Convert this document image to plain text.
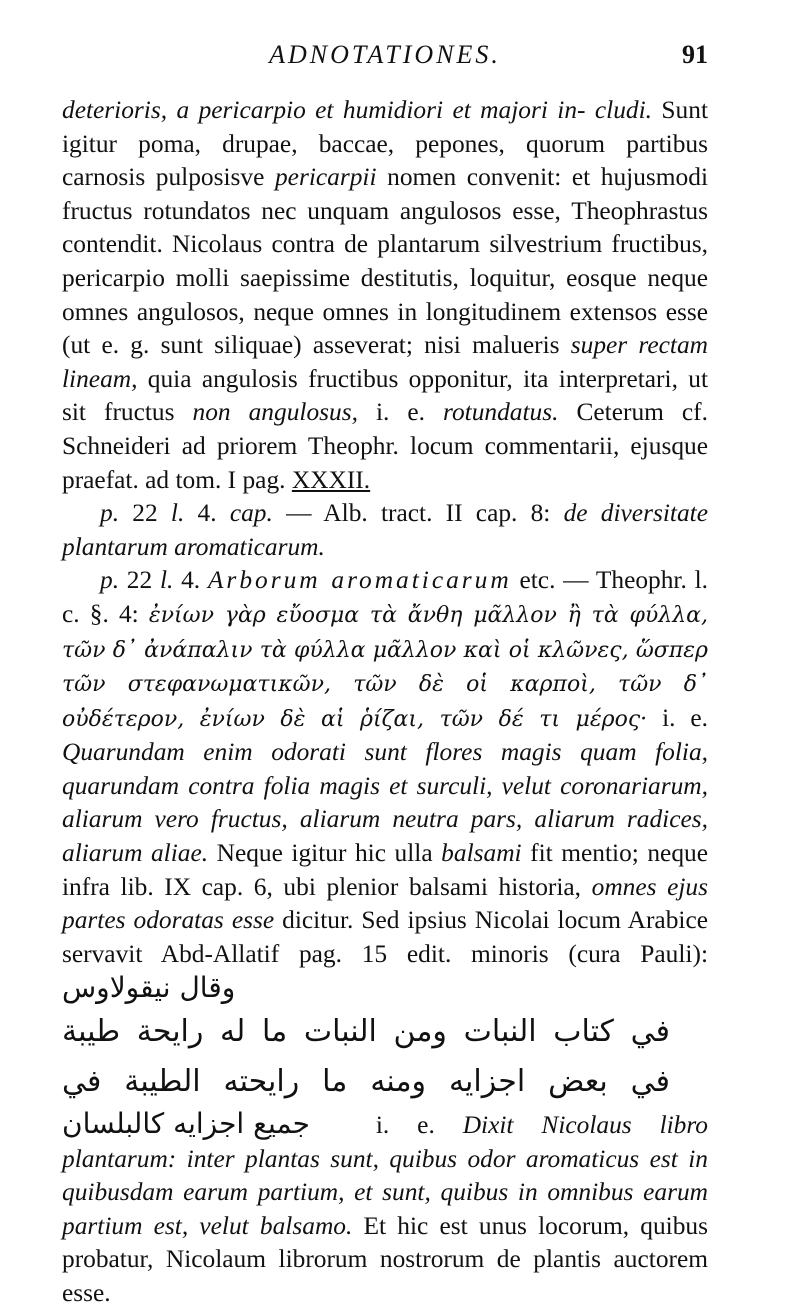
ADNOTATIONES.	91

deterioris, a pericarpio et humidiori et majori in- cludi. Sunt igitur poma, drupae, baccae, pepones, quorum partibus carnosis pulposisve pericarpii nomen convenit: et hujusmodi fructus rotundatos nec unquam angulosos esse, Theophrastus contendit. Nicolaus contra de plantarum silvestrium fructibus, pericarpio molli saepissime destitutis, loquitur, eosque neque omnes angulosos, neque omnes in longitudinem extensos esse (ut e. g. sunt siliquae) asseverat; nisi malueris super rectam lineam, quia angulosis fructibus opponitur, ita interpretari, ut sit fructus non angulosus, i. e. rotundatus. Ceterum cf. Schneideri ad priorem Theophr. locum commentarii, ejusque praefat. ad tom. I pag. XXXII.

p. 22 l. 4. cap. — Alb. tract. II cap. 8: de diversitate plantarum aromaticarum.

p. 22 l. 4. Arborum aromaticarum etc. — Theophr. l. c. §. 4: ἐνίων γὰρ εὔοσμα τὰ ἄνθη μᾶλλον ἢ τὰ φύλλα, τῶν δ᾽ ἀνάπαλιν τὰ φύλλα μᾶλλον καὶ οἱ κλῶνες, ὥσπερ τῶν στεφανωματικῶν, τῶν δὲ οἱ καρποὶ, τῶν δ᾽ οὐδέτερον, ἐνίων δὲ αἱ ῥίζαι, τῶν δέ τι μέρος· i. e. Quarundam enim odorati sunt flores magis quam folia, quarundam contra folia magis et surculi, velut coronariarum, aliarum vero fructus, aliarum neutra pars, aliarum radices, aliarum aliae. Neque igitur hic ulla balsami fit mentio; neque infra lib. IX cap. 6, ubi plenior balsami historia, omnes ejus partes odoratas esse dicitur. Sed ipsius Nicolai locum Arabice servavit Abd-Allatif pag. 15 edit. minoris (cura Pauli): وقال نيقولاوس
في كتاب النبات ومن النبات ما له رايحة طيبة
في بعض اجزايه ومنه ما رايحته الطيبة في
جميع اجزايه كالبلسان i. e. Dixit Nicolaus libro plantarum: inter plantas sunt, quibus odor aromaticus est in quibusdam earum partium, et sunt, quibus in omnibus earum partium est, velut balsamo. Et hic est unus locorum, quibus probatur, Nicolaum librorum nostrorum de plantis auctorem esse.
